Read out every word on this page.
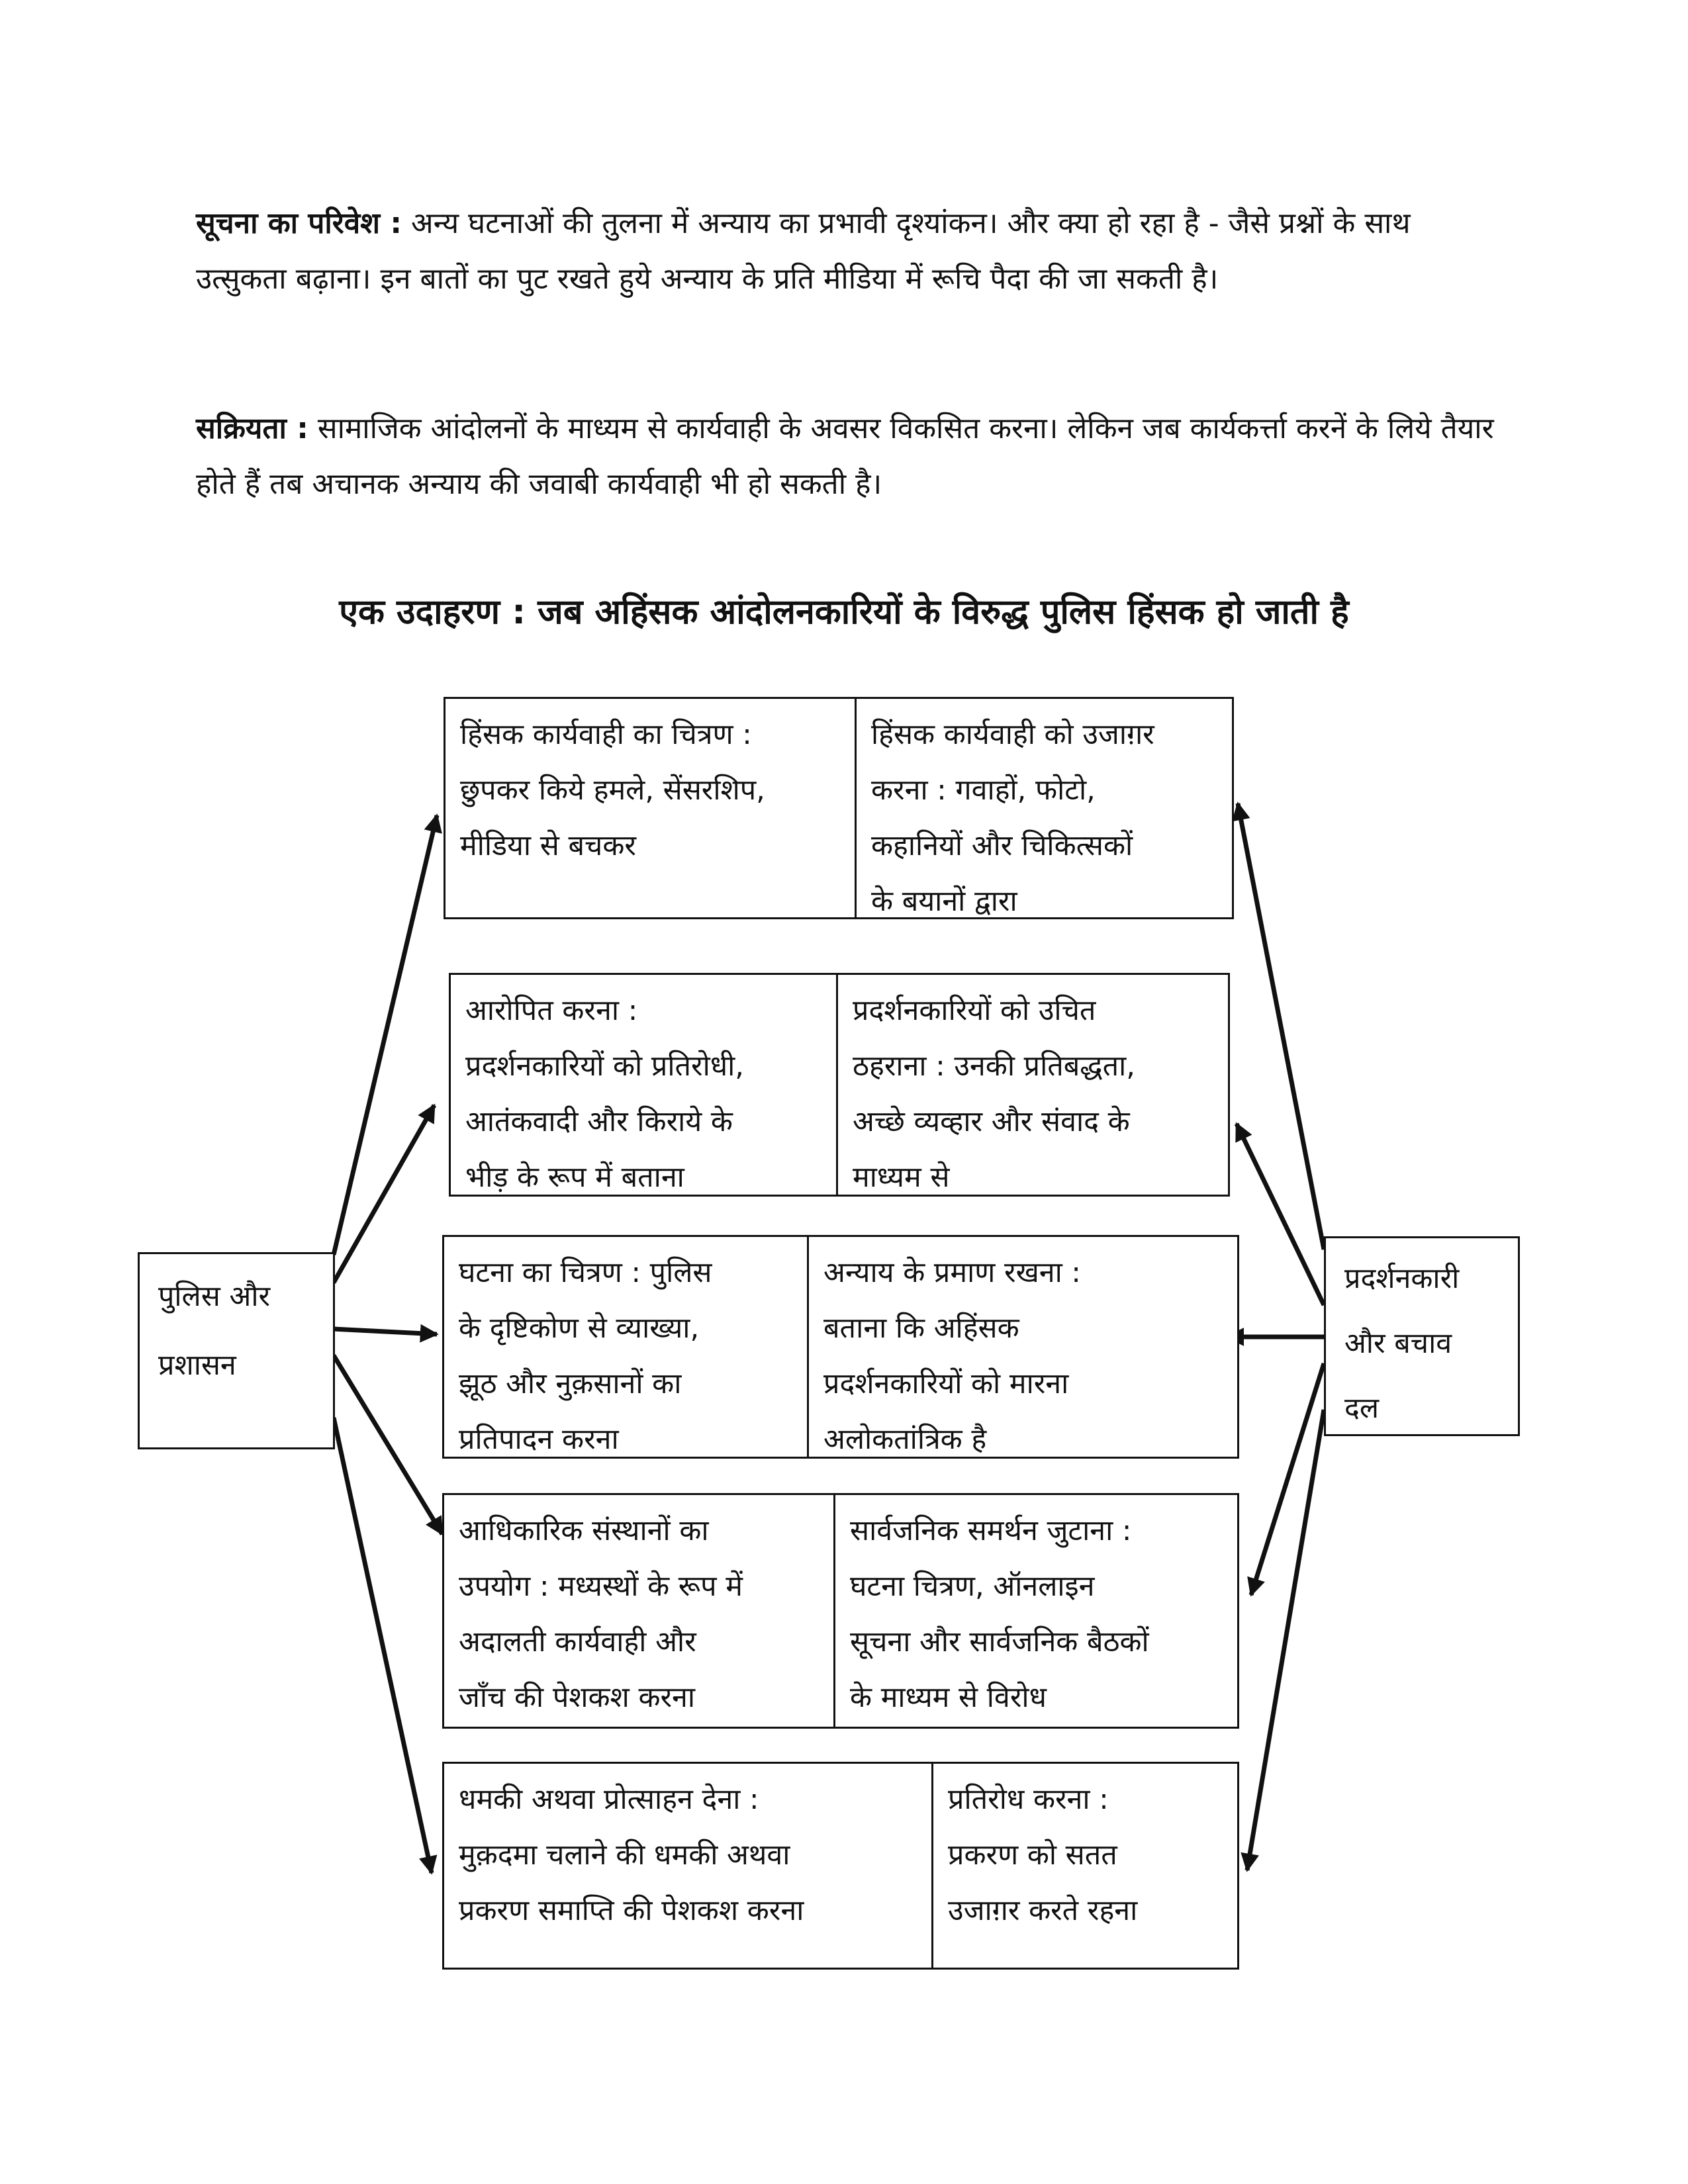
सूचना का परिवेश : अन्य घटनाओं की तुलना में अन्याय का प्रभावी दृश्यांकन। और क्या हो रहा है - जैसे प्रश्नों के साथ उत्सुकता बढ़ाना। इन बातों का पुट रखते हुये अन्याय के प्रति मीडिया में रूचि पैदा की जा सकती है।

सक्रियता : सामाजिक आंदोलनों के माध्यम से कार्यवाही के अवसर विकसित करना। लेकिन जब कार्यकर्त्ता करनें के लिये तैयार होते हैं तब अचानक अन्याय की जवाबी कार्यवाही भी हो सकती है।

एक उदाहरण : जब अहिंसक आंदोलनकारियों के विरुद्ध पुलिस हिंसक हो जाती है
पुलिस और
प्रशासन
प्रदर्शनकारी
और बचाव
दल
हिंसक कार्यवाही का चित्रण :
छुपकर किये हमले, सेंसरशिप,
मीडिया से बचकर
हिंसक कार्यवाही को उजाग़र
करना : गवाहों, फोटो,
कहानियों और चिकित्सकों
के बयानों द्वारा
आरोपित करना :
प्रदर्शनकारियों को प्रतिरोधी,
आतंकवादी और किराये के
भीड़ के रूप में बताना
प्रदर्शनकारियों को उचित
ठहराना : उनकी प्रतिबद्धता,
अच्छे व्यव्हार और संवाद के
माध्यम से
घटना का चित्रण : पुलिस
के दृष्टिकोण से व्याख्या,
झूठ और नुक़सानों का
प्रतिपादन करना
अन्याय के प्रमाण रखना :
बताना कि अहिंसक
प्रदर्शनकारियों को मारना
अलोकतांत्रिक है
आधिकारिक संस्थानों का
उपयोग : मध्यस्थों के रूप में
अदालती कार्यवाही और
जाँच की पेशकश करना
सार्वजनिक समर्थन जुटाना :
घटना चित्रण, ऑनलाइन
सूचना और सार्वजनिक बैठकों
के माध्यम से विरोध
धमकी अथवा प्रोत्साहन देना :
मुक़दमा चलाने की धमकी अथवा
प्रकरण समाप्ति की पेशकश करना
प्रतिरोध करना :
प्रकरण को सतत
उजाग़र करते रहना
